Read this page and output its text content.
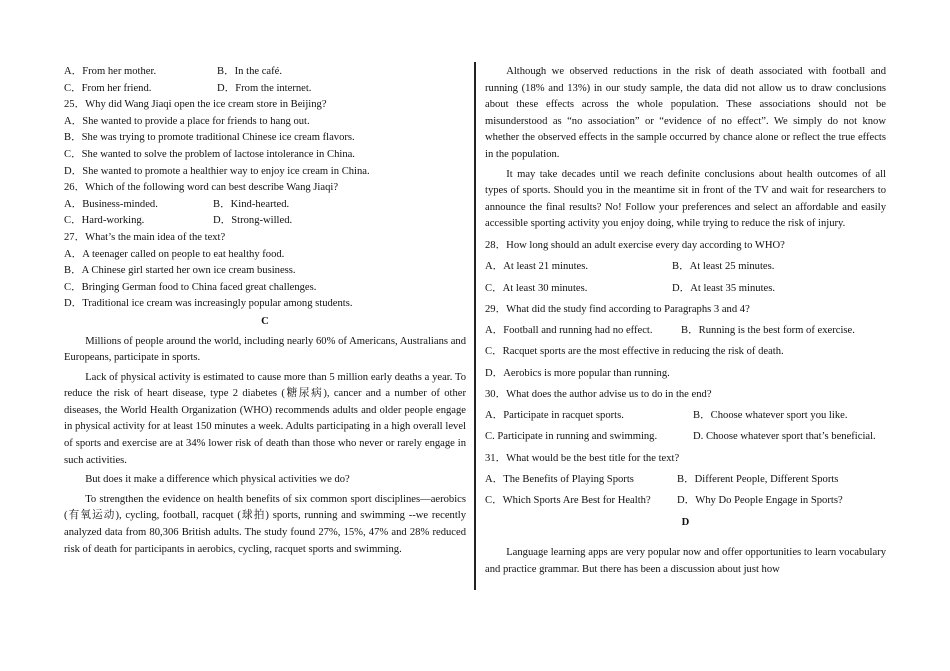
A．From her mother.	B．In the café.
C．From her friend.	D．From the internet.
25．Why did Wang Jiaqi open the ice cream store in Beijing?
A．She wanted to provide a place for friends to hang out.
B．She was trying to promote traditional Chinese ice cream flavors.
C．She wanted to solve the problem of lactose intolerance in China.
D．She wanted to promote a healthier way to enjoy ice cream in China.
26．Which of the following word can best describe Wang Jiaqi?
A．Business-minded.	B．Kind-hearted.
C．Hard-working.	D．Strong-willed.
27．What’s the main idea of the text?
A．A teenager called on people to eat healthy food.
B．A Chinese girl started her own ice cream business.
C．Bringing German food to China faced great challenges.
D．Traditional ice cream was increasingly popular among students.
C
Millions of people around the world, including nearly 60% of Americans, Australians and Europeans, participate in sports.
Lack of physical activity is estimated to cause more than 5 million early deaths a year. To reduce the risk of heart disease, type 2 diabetes (糖尿病), cancer and a number of other diseases, the World Health Organization (WHO) recommends adults and older people engage in physical activity for at least 150 minutes a week. Adults participating in a high overall level of sports and exercise are at 34% lower risk of death than those who never or rarely engage in such activities.
But does it make a difference which physical activities we do?
To strengthen the evidence on health benefits of six common sport disciplines—aerobics (有氧运动), cycling, football, racquet (球拍) sports, running and swimming --we recently analyzed data from 80,306 British adults. The study found 27%, 15%, 47% and 28% reduced risk of death for participants in aerobics, cycling, racquet sports and swimming.
Although we observed reductions in the risk of death associated with football and running (18% and 13%) in our study sample, the data did not allow us to draw conclusions about these effects across the whole population. These associations should not be misunderstood as “no association” or “evidence of no effect”. We simply do not know whether the observed effects in the sample occurred by chance alone or reflect the true effects in the population.
It may take decades until we reach definite conclusions about health outcomes of all types of sports. Should you in the meantime sit in front of the TV and wait for researchers to announce the final results? No! Follow your preferences and select an affordable and easily accessible sporting activity you enjoy doing, while trying to reduce the risk of injury.
28．How long should an adult exercise every day according to WHO?
A．At least 21 minutes.	B．At least 25 minutes.
C．At least 30 minutes.	D．At least 35 minutes.
29．What did the study find according to Paragraphs 3 and 4?
A．Football and running had no effect.	B．Running is the best form of exercise.
C．Racquet sports are the most effective in reducing the risk of death.
D．Aerobics is more popular than running.
30．What does the author advise us to do in the end?
A．Participate in racquet sports.	B．Choose whatever sport you like.
C. Participate in running and swimming.	D. Choose whatever sport that’s beneficial.
31．What would be the best title for the text?
A．The Benefits of Playing Sports	B．Different People, Different Sports
C．Which Sports Are Best for Health? D．Why Do People Engage in Sports?
D
Language learning apps are very popular now and offer opportunities to learn vocabulary and practice grammar. But there has been a discussion about just how
